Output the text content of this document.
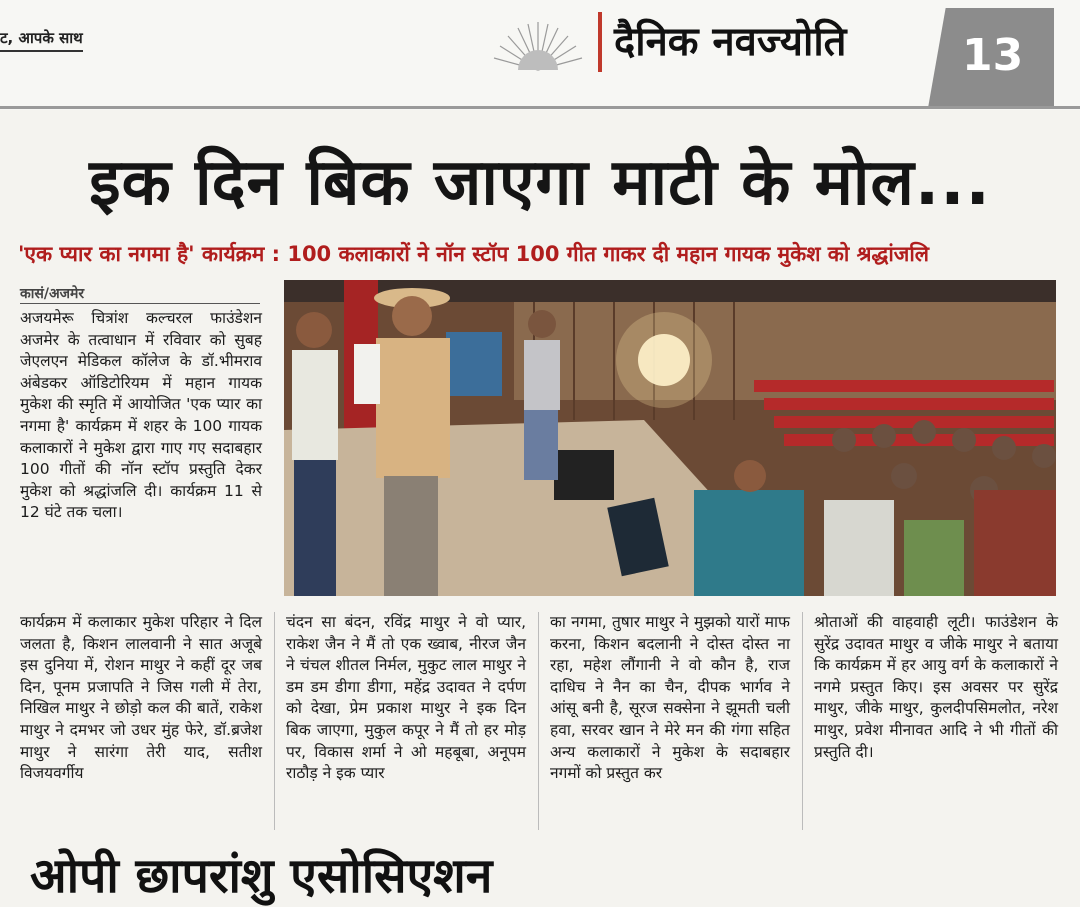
ट, आपके साथ	दैनिक नवज्योति	13
इक दिन बिक जाएगा माटी के मोल...
'एक प्यार का नगमा है' कार्यक्रम : 100 कलाकारों ने नॉन स्टॉप 100 गीत गाकर दी महान गायक मुकेश को श्रद्धांजलि
कासं/अजमेर

अजयमेरू चित्रांश कल्चरल फाउंडेशन अजमेर के तत्वाधान में रविवार को सुबह जेएलएन मेडिकल कॉलेज के डॉ.भीमराव अंबेडकर ऑडिटोरियम में महान गायक मुकेश की स्मृति में आयोजित 'एक प्यार का नगमा है' कार्यक्रम में शहर के 100 गायक कलाकारों ने मुकेश द्वारा गाए गए सदाबहार 100 गीतों की नॉन स्टॉप प्रस्तुति देकर मुकेश को श्रद्धांजलि दी। कार्यक्रम 11 से 12 घंटे तक चला।

कार्यक्रम में कलाकार मुकेश परिहार ने दिल जलता है, किशन लालवानी ने सात अजूबे इस दुनिया में, रोशन माथुर ने कहीं दूर जब दिन, पूनम प्रजापति ने जिस गली में तेरा, निखिल माथुर ने छोड़ो कल की बातें, राकेश माथुर ने दमभर जो उधर मुंह फेरे, डॉ.ब्रजेश माथुर ने सारंगा तेरी याद, सतीश विजयवर्गीय

चंदन सा बंदन, रविंद्र माथुर ने वो प्यार, राकेश जैन ने मैं तो एक ख्वाब, नीरज जैन ने चंचल शीतल निर्मल, मुकुट लाल माथुर ने डम डम डीगा डीगा, महेंद्र उदावत ने दर्पण को देखा, प्रेम प्रकाश माथुर ने इक दिन बिक जाएगा, मुकुल कपूर ने मैं तो हर मोड़ पर, विकास शर्मा ने ओ महबूबा, अनूपम राठौड़ ने इक प्यार

का नगमा, तुषार माथुर ने मुझको यारों माफ करना, किशन बदलानी ने दोस्त दोस्त ना रहा, महेश लौंगानी ने वो कौन है, राज दाधिच ने नैन का चैन, दीपक भार्गव ने आंसू बनी है, सूरज सक्सेना ने झूमती चली हवा, सरवर खान ने मेरे मन की गंगा सहित अन्य कलाकारों ने मुकेश के सदाबहार नगमों को प्रस्तुत कर

श्रोताओं की वाहवाही लूटी। फाउंडेशन के सुरेंद्र उदावत माथुर व जीके माथुर ने बताया कि कार्यक्रम में हर आयु वर्ग के कलाकारों ने नगमे प्रस्तुत किए। इस अवसर पर सुरेंद्र माथुर, जीके माथुर, कुलदीपसिमलोत, नरेश माथुर, प्रवेश मीनावत आदि ने भी गीतों की प्रस्तुति दी।

ओपी छापरांशु एसोसिएशन
